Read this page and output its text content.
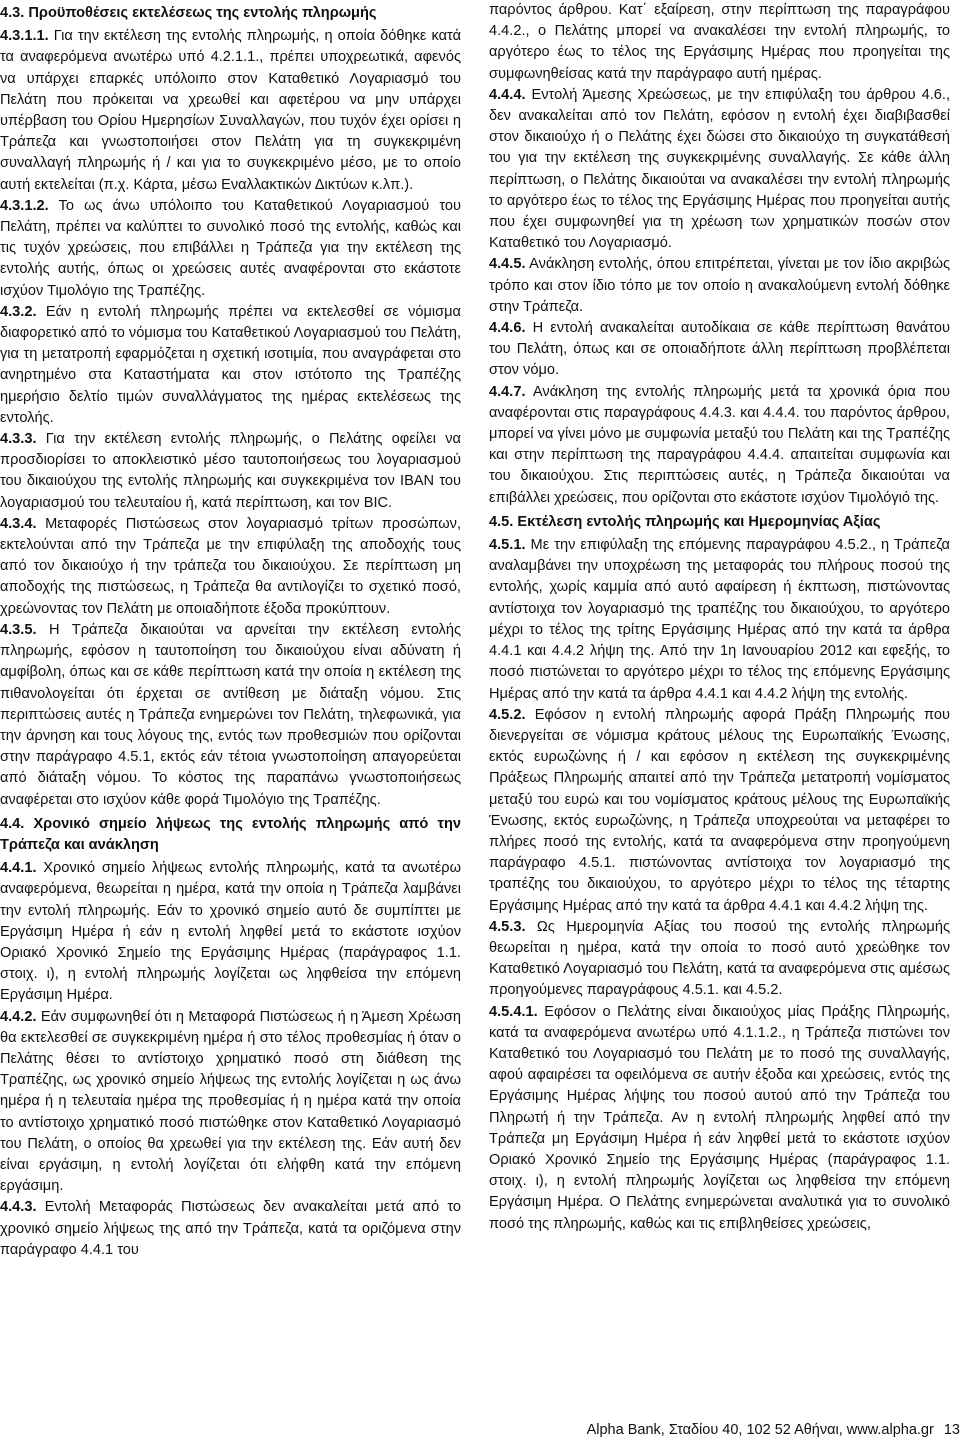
4.3. Προϋποθέσεις εκτελέσεως της εντολής πληρωμής

4.3.1.1. Για την εκτέλεση της εντολής πληρωμής, η οποία δόθηκε κατά τα αναφερόμενα ανωτέρω υπό 4.2.1.1., πρέπει υποχρεωτικά, αφενός να υπάρχει επαρκές υπόλοιπο στον Καταθετικό Λογαριασμό του Πελάτη που πρόκειται να χρεωθεί και αφετέρου να μην υπάρχει υπέρβαση του Ορίου Ημερησίων Συναλλαγών, που τυχόν έχει ορίσει η Τράπεζα και γνωστοποιήσει στον Πελάτη για τη συγκεκριμένη συναλλαγή πληρωμής ή / και για το συγκεκριμένο μέσο, με το οποίο αυτή εκτελείται (π.χ. Κάρτα, μέσω Εναλλακτικών Δικτύων κ.λπ.).

4.3.1.2. Το ως άνω υπόλοιπο του Καταθετικού Λογαριασμού του Πελάτη, πρέπει να καλύπτει το συνολικό ποσό της εντολής, καθώς και τις τυχόν χρεώσεις, που επιβάλλει η Τράπεζα για την εκτέλεση της εντολής αυτής, όπως οι χρεώσεις αυτές αναφέρονται στο εκάστοτε ισχύον Τιμολόγιο της Τραπέζης.

4.3.2. Εάν η εντολή πληρωμής πρέπει να εκτελεσθεί σε νόμισμα διαφορετικό από το νόμισμα του Καταθετικού Λογαριασμού του Πελάτη, για τη μετατροπή εφαρμόζεται η σχετική ισοτιμία, που αναγράφεται στο ανηρτημένο στα Καταστήματα και στον ιστότοπο της Τραπέζης ημερήσιο δελτίο τιμών συναλλάγματος της ημέρας εκτελέσεως της εντολής.

4.3.3. Για την εκτέλεση εντολής πληρωμής, ο Πελάτης οφείλει να προσδιορίσει το αποκλειστικό μέσο ταυτοποιήσεως του λογαριασμού του δικαιούχου της εντολής πληρωμής και συγκεκριμένα τον IBAN του λογαριασμού του τελευταίου ή, κατά περίπτωση, και τον BIC.

4.3.4. Μεταφορές Πιστώσεως στον λογαριασμό τρίτων προσώπων, εκτελούνται από την Τράπεζα με την επιφύλαξη της αποδοχής τους από τον δικαιούχο ή την τράπεζα του δικαιούχου. Σε περίπτωση μη αποδοχής της πιστώσεως, η Τράπεζα θα αντιλογίζει το σχετικό ποσό, χρεώνοντας τον Πελάτη με οποιαδήποτε έξοδα προκύπτουν.

4.3.5. Η Τράπεζα δικαιούται να αρνείται την εκτέλεση εντολής πληρωμής, εφόσον η ταυτοποίηση του δικαιούχου είναι αδύνατη ή αμφίβολη, όπως και σε κάθε περίπτωση κατά την οποία η εκτέλεση της πιθανολογείται ότι έρχεται σε αντίθεση με διάταξη νόμου. Στις περιπτώσεις αυτές η Τράπεζα ενημερώνει τον Πελάτη, τηλεφωνικά, για την άρνηση και τους λόγους της, εντός των προθεσμιών που ορίζονται στην παράγραφο 4.5.1, εκτός εάν τέτοια γνωστοποίηση απαγορεύεται από διάταξη νόμου. Το κόστος της παραπάνω γνωστοποιήσεως αναφέρεται στο ισχύον κάθε φορά Τιμολόγιο της Τραπέζης.

4.4. Χρονικό σημείο λήψεως της εντολής πληρωμής από την Τράπεζα και ανάκληση

4.4.1. Χρονικό σημείο λήψεως εντολής πληρωμής, κατά τα ανωτέρω αναφερόμενα, θεωρείται η ημέρα, κατά την οποία η Τράπεζα λαμβάνει την εντολή πληρωμής. Εάν το χρονικό σημείο αυτό δε συμπίπτει με Εργάσιμη Ημέρα ή εάν η εντολή ληφθεί μετά το εκάστοτε ισχύον Οριακό Χρονικό Σημείο της Εργάσιμης Ημέρας (παράγραφος 1.1. στοιχ. ι), η εντολή πληρωμής λογίζεται ως ληφθείσα την επόμενη Εργάσιμη Ημέρα.

4.4.2. Εάν συμφωνηθεί ότι η Μεταφορά Πιστώσεως ή η Άμεση Χρέωση θα εκτελεσθεί σε συγκεκριμένη ημέρα ή στο τέλος προθεσμίας ή όταν ο Πελάτης θέσει το αντίστοιχο χρηματικό ποσό στη διάθεση της Τραπέζης, ως χρονικό σημείο λήψεως της εντολής λογίζεται η ως άνω ημέρα ή η τελευταία ημέρα της προθεσμίας ή η ημέρα κατά την οποία το αντίστοιχο χρηματικό ποσό πιστώθηκε στον Καταθετικό Λογαριασμό του Πελάτη, ο οποίος θα χρεωθεί για την εκτέλεση της. Εάν αυτή δεν είναι εργάσιμη, η εντολή λογίζεται ότι ελήφθη κατά την επόμενη εργάσιμη.

4.4.3. Εντολή Μεταφοράς Πιστώσεως δεν ανακαλείται μετά από το χρονικό σημείο λήψεως της από την Τράπεζα, κατά τα οριζόμενα στην παράγραφο 4.4.1 του

παρόντος άρθρου. Κατ΄ εξαίρεση, στην περίπτωση της παραγράφου 4.4.2., ο Πελάτης μπορεί να ανακαλέσει την εντολή πληρωμής, το αργότερο έως το τέλος της Εργάσιμης Ημέρας που προηγείται της συμφωνηθείσας κατά την παράγραφο αυτή ημέρας.

4.4.4. Εντολή Άμεσης Χρεώσεως, με την επιφύλαξη του άρθρου 4.6., δεν ανακαλείται από τον Πελάτη, εφόσον η εντολή έχει διαβιβασθεί στον δικαιούχο ή ο Πελάτης έχει δώσει στο δικαιούχο τη συγκατάθεσή του για την εκτέλεση της συγκεκριμένης συναλλαγής. Σε κάθε άλλη περίπτωση, ο Πελάτης δικαιούται να ανακαλέσει την εντολή πληρωμής το αργότερο έως το τέλος της Εργάσιμης Ημέρας που προηγείται αυτής που έχει συμφωνηθεί για τη χρέωση των χρηματικών ποσών στον Καταθετικό του Λογαριασμό.

4.4.5. Ανάκληση εντολής, όπου επιτρέπεται, γίνεται με τον ίδιο ακριβώς τρόπο και στον ίδιο τόπο με τον οποίο η ανακαλούμενη εντολή δόθηκε στην Τράπεζα.

4.4.6. Η εντολή ανακαλείται αυτοδίκαια σε κάθε περίπτωση θανάτου του Πελάτη, όπως και σε οποιαδήποτε άλλη περίπτωση προβλέπεται στον νόμο.

4.4.7. Ανάκληση της εντολής πληρωμής μετά τα χρονικά όρια που αναφέρονται στις παραγράφους 4.4.3. και 4.4.4. του παρόντος άρθρου, μπορεί να γίνει μόνο με συμφωνία μεταξύ του Πελάτη και της Τραπέζης και στην περίπτωση της παραγράφου 4.4.4. απαιτείται συμφωνία και του δικαιούχου. Στις περιπτώσεις αυτές, η Τράπεζα δικαιούται να επιβάλλει χρεώσεις, που ορίζονται στο εκάστοτε ισχύον Τιμολόγιό της.

4.5. Εκτέλεση εντολής πληρωμής και Ημερομηνίας Αξίας

4.5.1. Με την επιφύλαξη της επόμενης παραγράφου 4.5.2., η Τράπεζα αναλαμβάνει την υποχρέωση της μεταφοράς του πλήρους ποσού της εντολής, χωρίς καμμία από αυτό αφαίρεση ή έκπτωση, πιστώνοντας αντίστοιχα τον λογαριασμό της τραπέζης του δικαιούχου, το αργότερο μέχρι το τέλος της τρίτης Εργάσιμης Ημέρας από την κατά τα άρθρα 4.4.1 και 4.4.2 λήψη της. Από την 1η Ιανουαρίου 2012 και εφεξής, το ποσό πιστώνεται το αργότερο μέχρι το τέλος της επόμενης Εργάσιμης Ημέρας από την κατά τα άρθρα 4.4.1 και 4.4.2 λήψη της εντολής.

4.5.2. Εφόσον η εντολή πληρωμής αφορά Πράξη Πληρωμής που διενεργείται σε νόμισμα κράτους μέλους της Ευρωπαϊκής Ένωσης, εκτός ευρωζώνης ή / και εφόσον η εκτέλεση της συγκεκριμένης Πράξεως Πληρωμής απαιτεί από την Τράπεζα μετατροπή νομίσματος μεταξύ του ευρώ και του νομίσματος κράτους μέλους της Ευρωπαϊκής Ένωσης, εκτός ευρωζώνης, η Τράπεζα υποχρεούται να μεταφέρει το πλήρες ποσό της εντολής, κατά τα αναφερόμενα στην προηγούμενη παράγραφο 4.5.1. πιστώνοντας αντίστοιχα τον λογαριασμό της τραπέζης του δικαιούχου, το αργότερο μέχρι το τέλος της τέταρτης Εργάσιμης Ημέρας από την κατά τα άρθρα 4.4.1 και 4.4.2 λήψη της.

4.5.3. Ως Ημερομηνία Αξίας του ποσού της εντολής πληρωμής θεωρείται η ημέρα, κατά την οποία το ποσό αυτό χρεώθηκε τον Καταθετικό Λογαριασμό του Πελάτη, κατά τα αναφερόμενα στις αμέσως προηγούμενες παραγράφους 4.5.1. και 4.5.2.

4.5.4.1. Εφόσον ο Πελάτης είναι δικαιούχος μίας Πράξης Πληρωμής, κατά τα αναφερόμενα ανωτέρω υπό 4.1.1.2., η Τράπεζα πιστώνει τον Καταθετικό του Λογαριασμό του Πελάτη με το ποσό της συναλλαγής, αφού αφαιρέσει τα οφειλόμενα σε αυτήν έξοδα και χρεώσεις, εντός της Εργάσιμης Ημέρας λήψης του ποσού αυτού από την Τράπεζα του Πληρωτή ή την Τράπεζα. Αν η εντολή πληρωμής ληφθεί από την Τράπεζα μη Εργάσιμη Ημέρα ή εάν ληφθεί μετά το εκάστοτε ισχύον Οριακό Χρονικό Σημείο της Εργάσιμης Ημέρας (παράγραφος 1.1. στοιχ. ι), η εντολή πληρωμής λογίζεται ως ληφθείσα την επόμενη Εργάσιμη Ημέρα. Ο Πελάτης ενημερώνεται αναλυτικά για το συνολικό ποσό της πληρωμής, καθώς και τις επιβληθείσες χρεώσεις,

Alpha Bank, Σταδίου 40, 102 52 Αθήναι, www.alpha.gr 13
